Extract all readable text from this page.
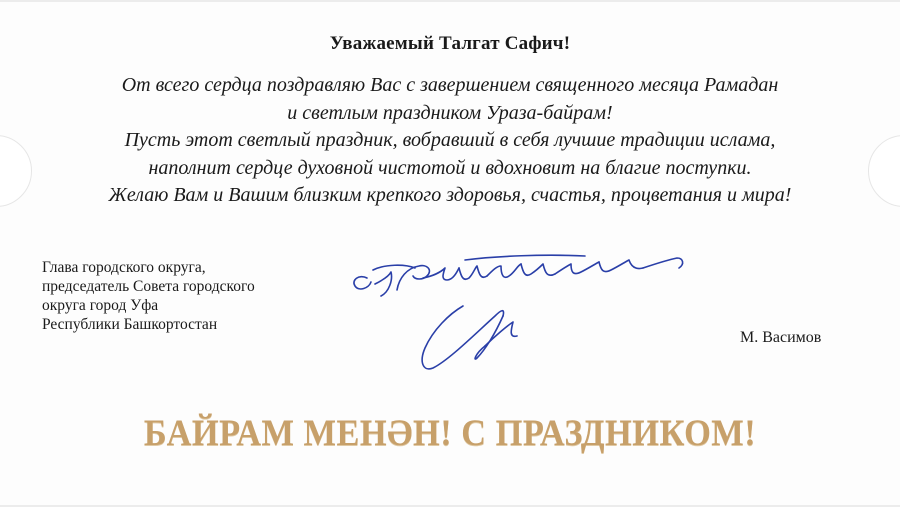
Уважаемый Талгат Сафич!
От всего сердца поздравляю Вас с завершением священного месяца Рамадан
и светлым праздником Ураза-байрам!
Пусть этот светлый праздник, вобравший в себя лучшие традиции ислама,
наполнит сердце духовной чистотой и вдохновит на благие поступки.
Желаю Вам и Вашим близким крепкого здоровья, счастья, процветания и мира!
Глава городского округа,
председатель Совета городского
округа город Уфа
Республики Башкортостан
М. Васимов
БАЙРАМ МЕНӘН! С ПРАЗДНИКОМ!
